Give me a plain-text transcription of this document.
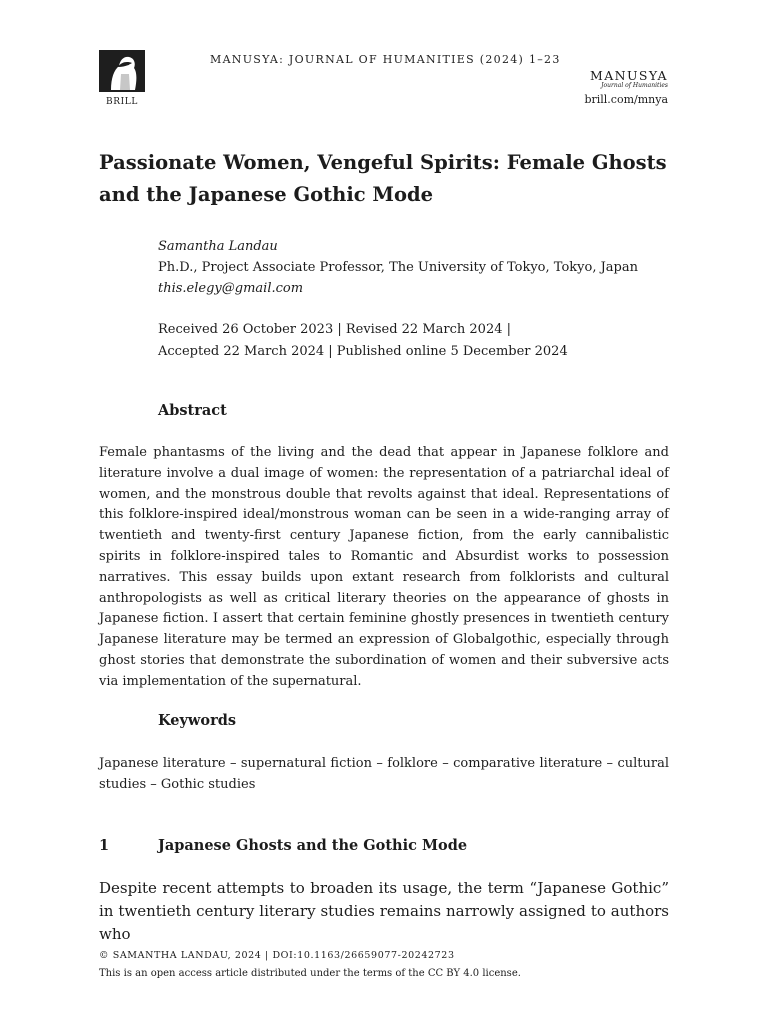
BRILL
MANUSYA: JOURNAL OF HUMANITIES (2024) 1–23
MANUSYA
Journal of Humanities
brill.com/mnya
Passionate Women, Vengeful Spirits: Female Ghosts
and the Japanese Gothic Mode
Samantha Landau
Ph.D., Project Associate Professor, The University of Tokyo, Tokyo, Japan
this.elegy@gmail.com
Received 26 October 2023 | Revised 22 March 2024 |
Accepted 22 March 2024 | Published online 5 December 2024
Abstract

Female phantasms of the living and the dead that appear in Japanese folklore and literature involve a dual image of women: the representation of a patriarchal ideal of women, and the monstrous double that revolts against that ideal. Representations of this folklore-inspired ideal/monstrous woman can be seen in a wide-ranging array of twentieth and twenty-first century Japanese fiction, from the early cannibalistic spirits in folklore-inspired tales to Romantic and Absurdist works to possession narratives. This essay builds upon extant research from folklorists and cultural anthropologists as well as critical literary theories on the appearance of ghosts in Japanese fiction. I assert that certain feminine ghostly presences in twentieth century Japanese literature may be termed an expression of Globalgothic, especially through ghost stories that demonstrate the subordination of women and their subversive acts via implementation of the supernatural.

Keywords

Japanese literature – supernatural fiction – folklore – comparative literature – cultural studies – Gothic studies

1	Japanese Ghosts and the Gothic Mode

Despite recent attempts to broaden its usage, the term “Japanese Gothic” in twentieth century literary studies remains narrowly assigned to authors who

© SAMANTHA LANDAU, 2024 | DOI:10.1163/26659077-20242723
This is an open access article distributed under the terms of the CC BY 4.0 license.
